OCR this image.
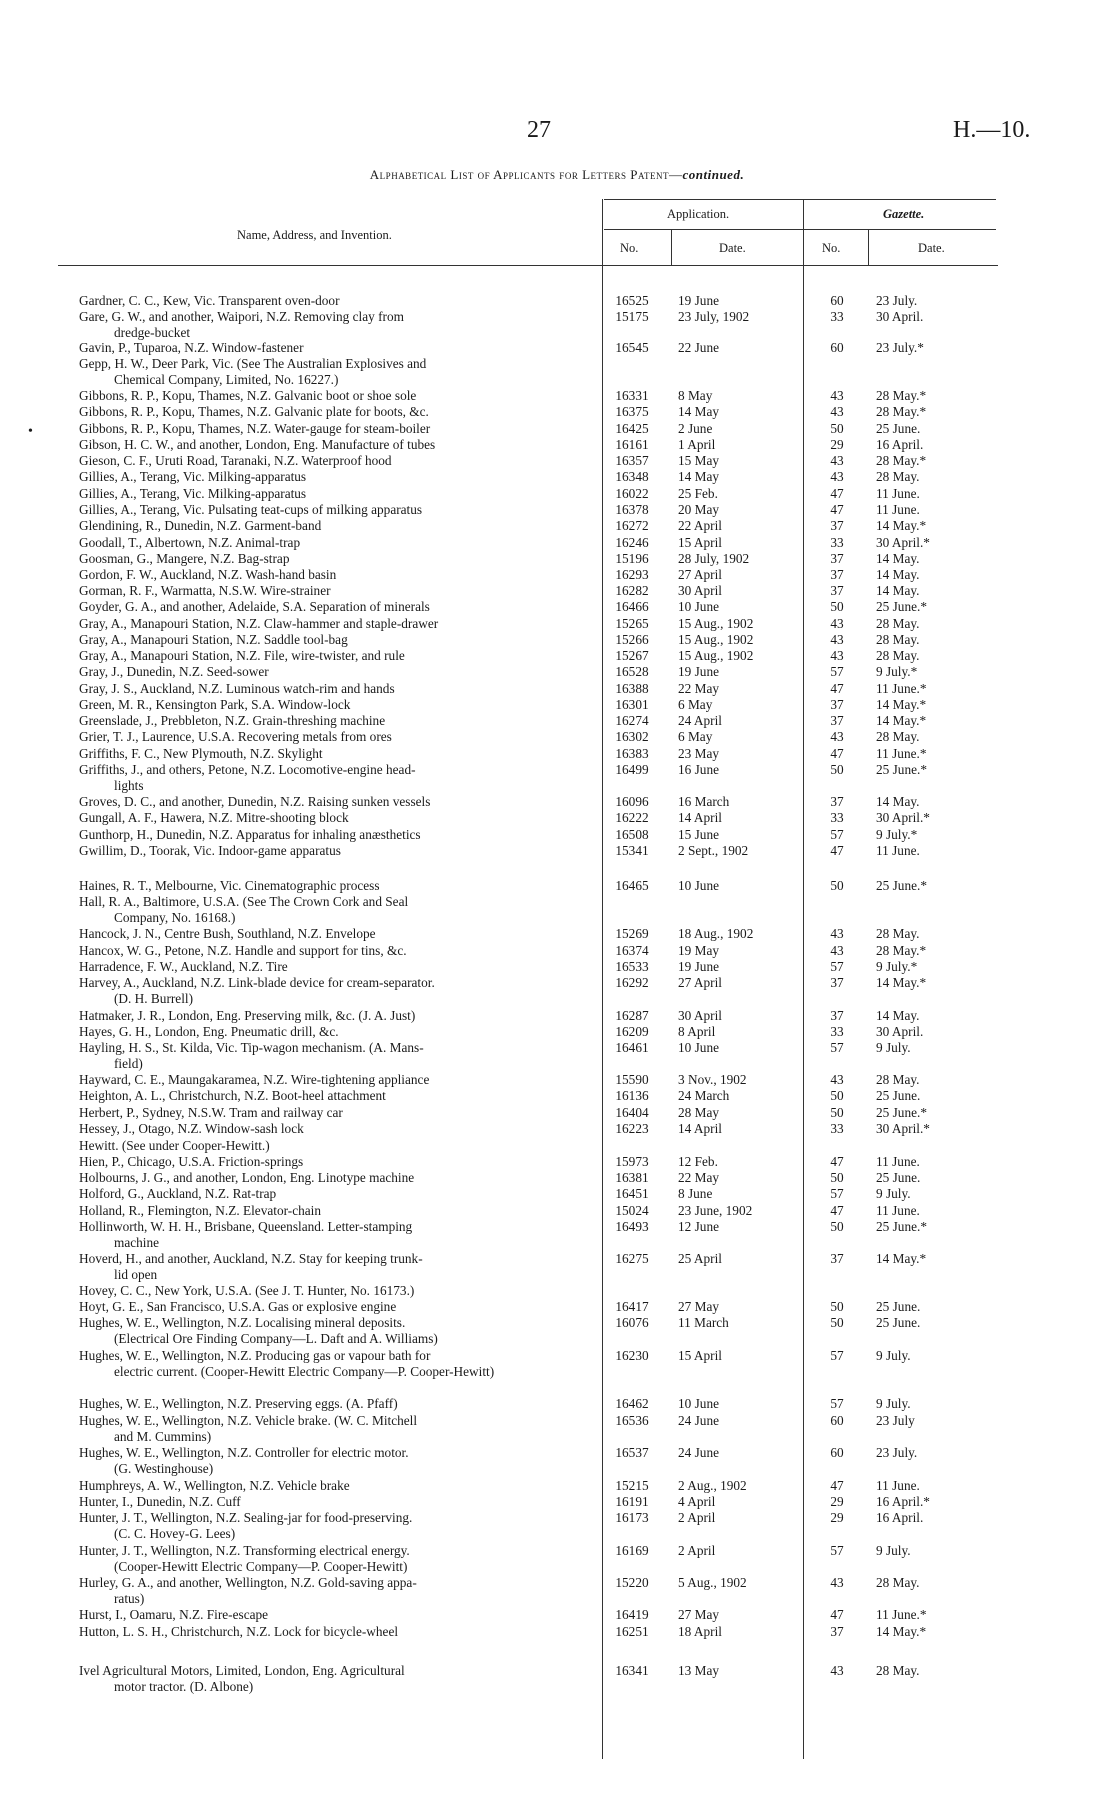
27	H.—10.
Alphabetical List of Applicants for Letters Patent—continued.
Name, Address, and Invention.
Application.	Gazette.
No.	Date.	No.	Date.
•
Gardner, C. C., Kew, Vic. Transparent oven-door	16525	19 June	60	23 July.
Gare, G. W., and another, Waipori, N.Z. Removing clay from
dredge-bucket
15175	23 July, 1902	33	30 April.
Gavin, P., Tuparoa, N.Z. Window-fastener	16545	22 June	60	23 July.*
Gepp, H. W., Deer Park, Vic. (See The Australian Explosives and
Chemical Company, Limited, No. 16227.)
Gibbons, R. P., Kopu, Thames, N.Z. Galvanic boot or shoe sole	16331	8 May	43	28 May.*
Gibbons, R. P., Kopu, Thames, N.Z. Galvanic plate for boots, &c.	16375	14 May	43	28 May.*
Gibbons, R. P., Kopu, Thames, N.Z. Water-gauge for steam-boiler	16425	2 June	50	25 June.
Gibson, H. C. W., and another, London, Eng. Manufacture of tubes	16161	1 April	29	16 April.
Gieson, C. F., Uruti Road, Taranaki, N.Z. Waterproof hood	16357	15 May	43	28 May.*
Gillies, A., Terang, Vic. Milking-apparatus	16348	14 May	43	28 May.
Gillies, A., Terang, Vic. Milking-apparatus	16022	25 Feb.	47	11 June.
Gillies, A., Terang, Vic. Pulsating teat-cups of milking apparatus	16378	20 May	47	11 June.
Glendining, R., Dunedin, N.Z. Garment-band	16272	22 April	37	14 May.*
Goodall, T., Albertown, N.Z. Animal-trap	16246	15 April	33	30 April.*
Goosman, G., Mangere, N.Z. Bag-strap	15196	28 July, 1902	37	14 May.
Gordon, F. W., Auckland, N.Z. Wash-hand basin	16293	27 April	37	14 May.
Gorman, R. F., Warmatta, N.S.W. Wire-strainer	16282	30 April	37	14 May.
Goyder, G. A., and another, Adelaide, S.A. Separation of minerals	16466	10 June	50	25 June.*
Gray, A., Manapouri Station, N.Z. Claw-hammer and staple-drawer	15265	15 Aug., 1902	43	28 May.
Gray, A., Manapouri Station, N.Z. Saddle tool-bag	15266	15 Aug., 1902	43	28 May.
Gray, A., Manapouri Station, N.Z. File, wire-twister, and rule	15267	15 Aug., 1902	43	28 May.
Gray, J., Dunedin, N.Z. Seed-sower	16528	19 June	57	9 July.*
Gray, J. S., Auckland, N.Z. Luminous watch-rim and hands	16388	22 May	47	11 June.*
Green, M. R., Kensington Park, S.A. Window-lock	16301	6 May	37	14 May.*
Greenslade, J., Prebbleton, N.Z. Grain-threshing machine	16274	24 April	37	14 May.*
Grier, T. J., Laurence, U.S.A. Recovering metals from ores	16302	6 May	43	28 May.
Griffiths, F. C., New Plymouth, N.Z. Skylight	16383	23 May	47	11 June.*
Griffiths, J., and others, Petone, N.Z. Locomotive-engine head-
lights
16499	16 June	50	25 June.*
Groves, D. C., and another, Dunedin, N.Z. Raising sunken vessels	16096	16 March	37	14 May.
Gungall, A. F., Hawera, N.Z. Mitre-shooting block	16222	14 April	33	30 April.*
Gunthorp, H., Dunedin, N.Z. Apparatus for inhaling anæsthetics	16508	15 June	57	9 July.*
Gwillim, D., Toorak, Vic. Indoor-game apparatus	15341	2 Sept., 1902	47	11 June.
Haines, R. T., Melbourne, Vic. Cinematographic process	16465	10 June	50	25 June.*
Hall, R. A., Baltimore, U.S.A. (See The Crown Cork and Seal
Company, No. 16168.)
Hancock, J. N., Centre Bush, Southland, N.Z. Envelope	15269	18 Aug., 1902	43	28 May.
Hancox, W. G., Petone, N.Z. Handle and support for tins, &c.	16374	19 May	43	28 May.*
Harradence, F. W., Auckland, N.Z. Tire	16533	19 June	57	9 July.*
Harvey, A., Auckland, N.Z. Link-blade device for cream-separator.
(D. H. Burrell)
16292	27 April	37	14 May.*
Hatmaker, J. R., London, Eng. Preserving milk, &c. (J. A. Just)	16287	30 April	37	14 May.
Hayes, G. H., London, Eng. Pneumatic drill, &c.	16209	8 April	33	30 April.
Hayling, H. S., St. Kilda, Vic. Tip-wagon mechanism. (A. Mans-
field)
16461	10 June	57	9 July.
Hayward, C. E., Maungakaramea, N.Z. Wire-tightening appliance	15590	3 Nov., 1902	43	28 May.
Heighton, A. L., Christchurch, N.Z. Boot-heel attachment	16136	24 March	50	25 June.
Herbert, P., Sydney, N.S.W. Tram and railway car	16404	28 May	50	25 June.*
Hessey, J., Otago, N.Z. Window-sash lock	16223	14 April	33	30 April.*
Hewitt. (See under Cooper-Hewitt.)
Hien, P., Chicago, U.S.A. Friction-springs	15973	12 Feb.	47	11 June.
Holbourns, J. G., and another, London, Eng. Linotype machine	16381	22 May	50	25 June.
Holford, G., Auckland, N.Z. Rat-trap	16451	8 June	57	9 July.
Holland, R., Flemington, N.Z. Elevator-chain	15024	23 June, 1902	47	11 June.
Hollinworth, W. H. H., Brisbane, Queensland. Letter-stamping
machine
16493	12 June	50	25 June.*
Hoverd, H., and another, Auckland, N.Z. Stay for keeping trunk-
lid open
16275	25 April	37	14 May.*
Hovey, C. C., New York, U.S.A. (See J. T. Hunter, No. 16173.)
Hoyt, G. E., San Francisco, U.S.A. Gas or explosive engine	16417	27 May	50	25 June.
Hughes, W. E., Wellington, N.Z. Localising mineral deposits.
(Electrical Ore Finding Company—L. Daft and A. Williams)
16076	11 March	50	25 June.
Hughes, W. E., Wellington, N.Z. Producing gas or vapour bath for
electric current. (Cooper-Hewitt Electric Company—P. Cooper-Hewitt)
16230	15 April	57	9 July.
Hughes, W. E., Wellington, N.Z. Preserving eggs. (A. Pfaff)	16462	10 June	57	9 July.
Hughes, W. E., Wellington, N.Z. Vehicle brake. (W. C. Mitchell
and M. Cummins)
16536	24 June	60	23 July
Hughes, W. E., Wellington, N.Z. Controller for electric motor.
(G. Westinghouse)
16537	24 June	60	23 July.
Humphreys, A. W., Wellington, N.Z. Vehicle brake	15215	2 Aug., 1902	47	11 June.
Hunter, I., Dunedin, N.Z. Cuff	16191	4 April	29	16 April.*
Hunter, J. T., Wellington, N.Z. Sealing-jar for food-preserving.
(C. C. Hovey-G. Lees)
16173	2 April	29	16 April.
Hunter, J. T., Wellington, N.Z. Transforming electrical energy.
(Cooper-Hewitt Electric Company—P. Cooper-Hewitt)
16169	2 April	57	9 July.
Hurley, G. A., and another, Wellington, N.Z. Gold-saving appa-
ratus)
15220	5 Aug., 1902	43	28 May.
Hurst, I., Oamaru, N.Z. Fire-escape	16419	27 May	47	11 June.*
Hutton, L. S. H., Christchurch, N.Z. Lock for bicycle-wheel	16251	18 April	37	14 May.*
Ivel Agricultural Motors, Limited, London, Eng. Agricultural
motor tractor. (D. Albone)
16341	13 May	43	28 May.
